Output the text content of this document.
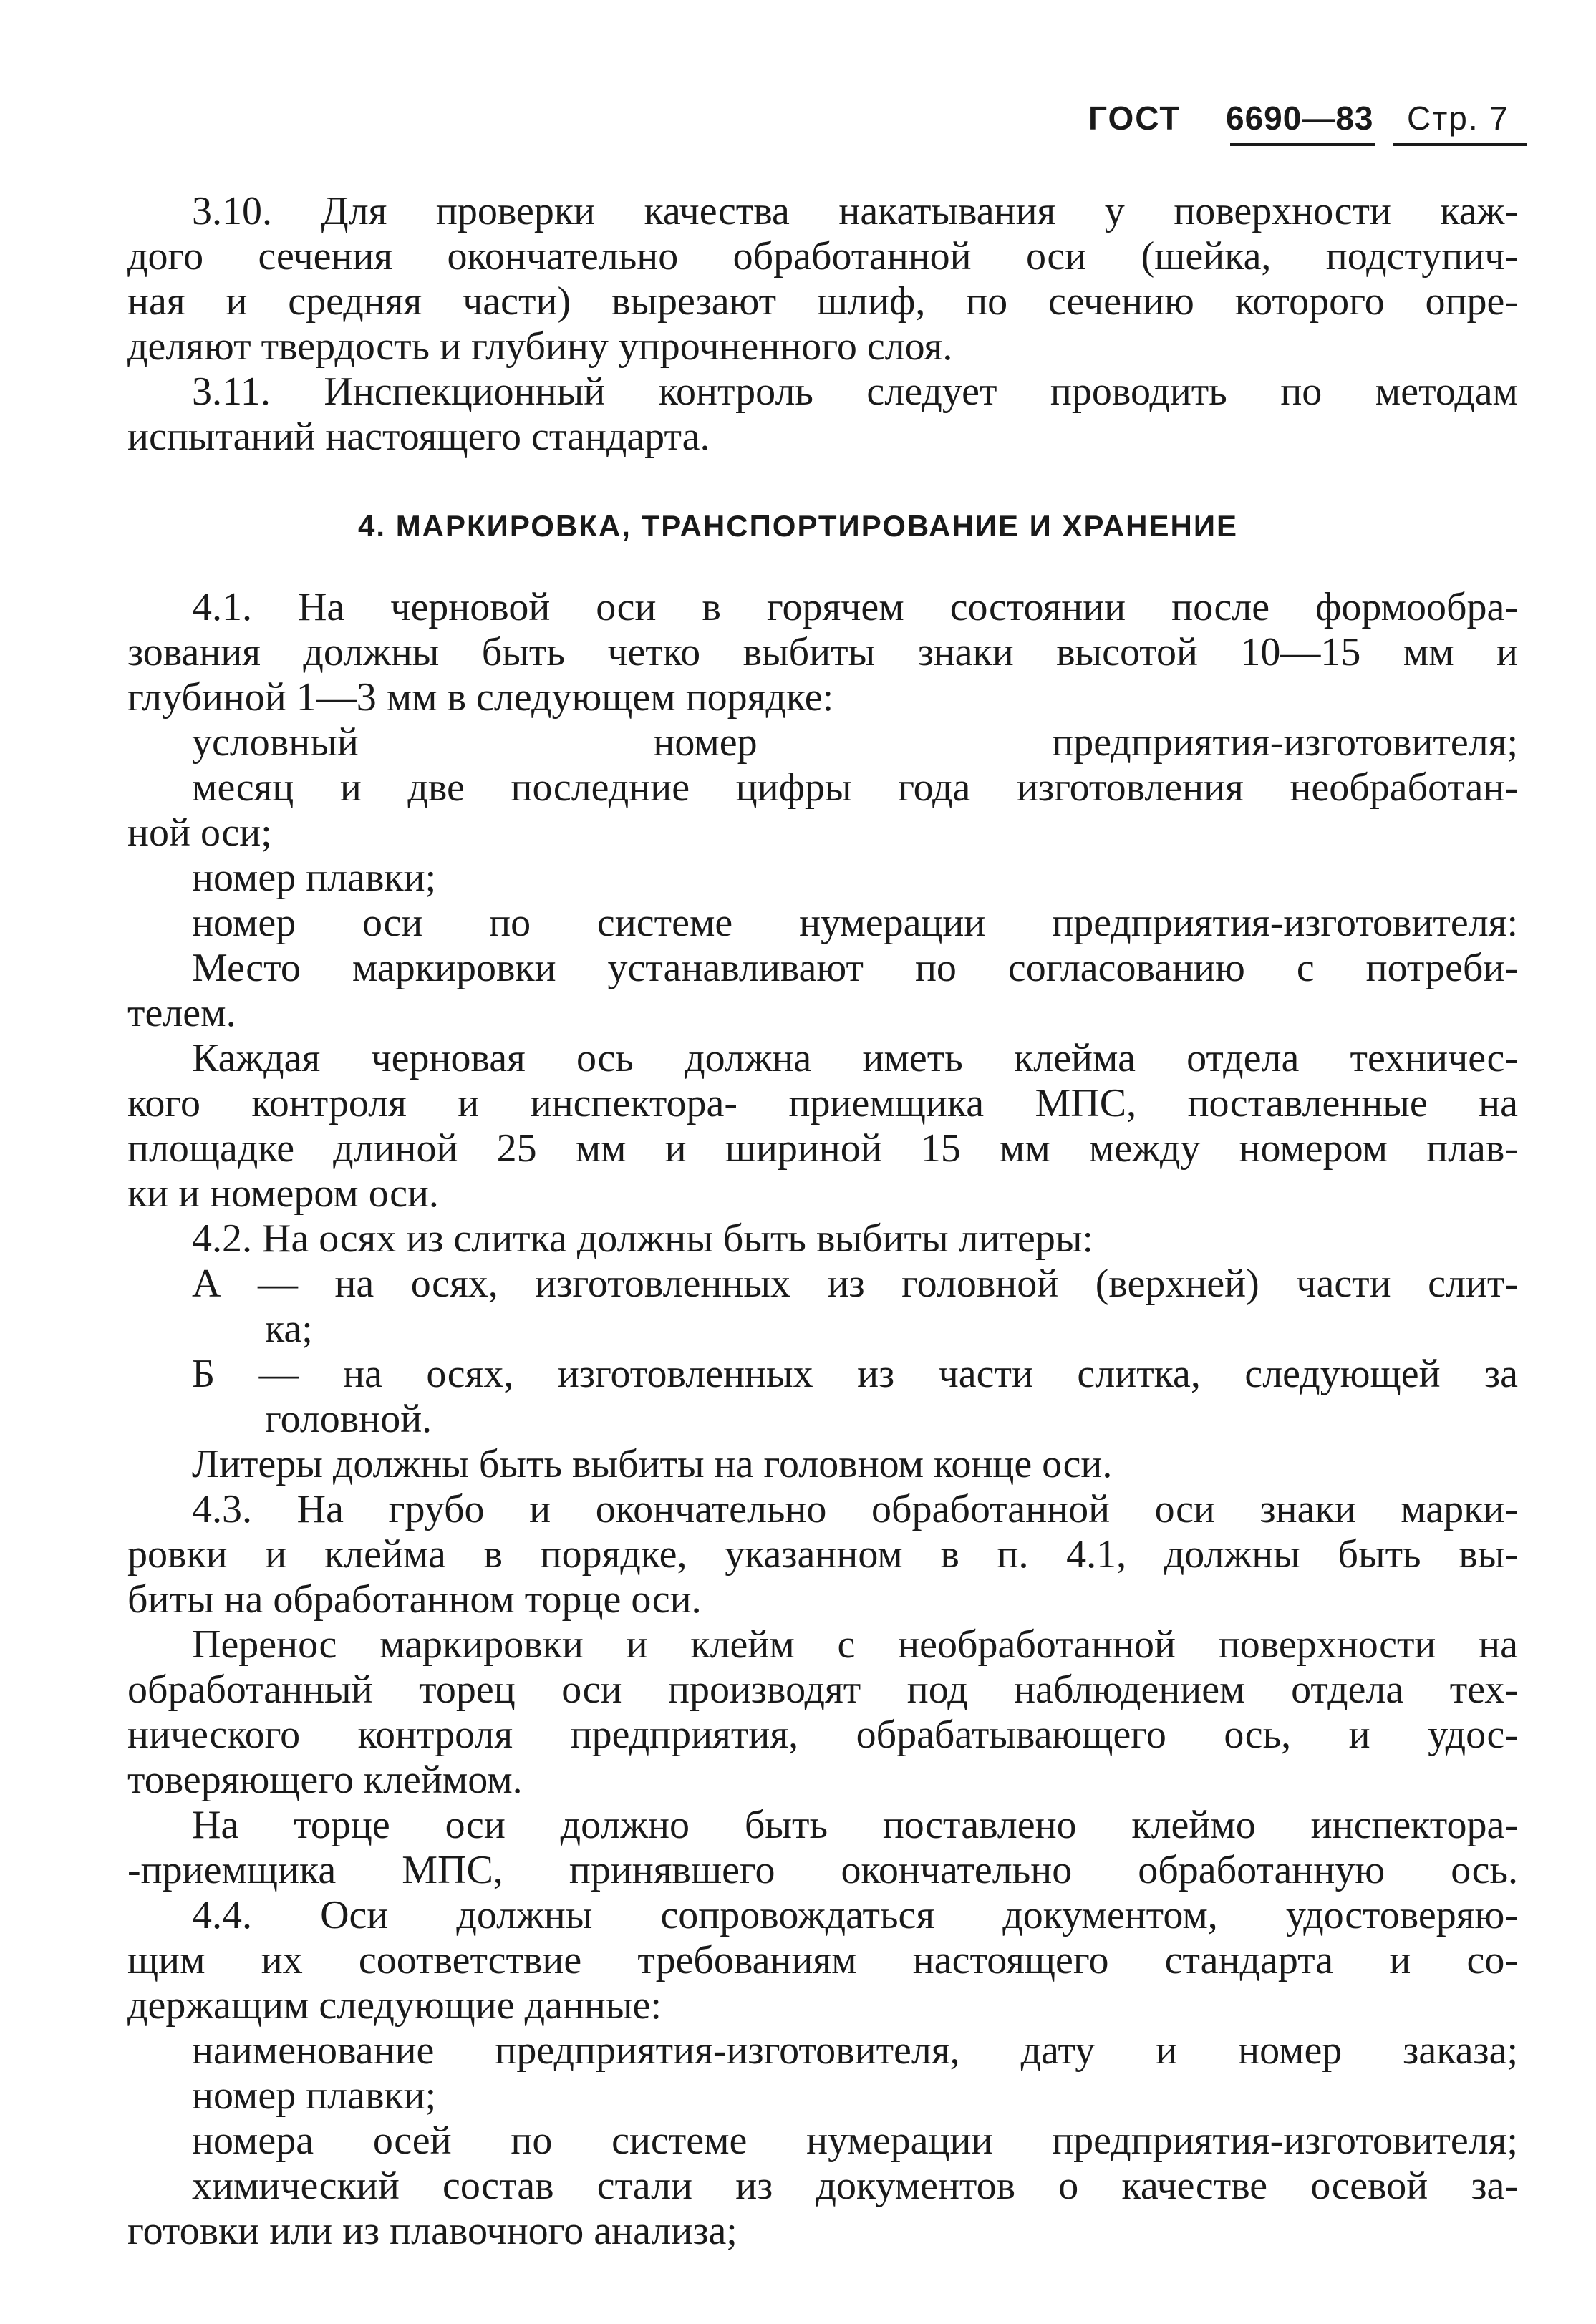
ГОСТ 6690—83 Стр. 7
3.10. Для проверки качества накатывания у поверхности каж-
дого сечения окончательно обработанной оси (шейка, подступич-
ная и средняя части) вырезают шлиф, по сечению которого опре-
деляют твердость и глубину упрочненного слоя.
3.11. Инспекционный контроль следует проводить по методам
испытаний настоящего стандарта.
4. МАРКИРОВКА, ТРАНСПОРТИРОВАНИЕ И ХРАНЕНИЕ
4.1. На черновой оси в горячем состоянии после формообра-
зования должны быть четко выбиты знаки высотой 10—15 мм и
глубиной 1—3 мм в следующем порядке:
условный номер предприятия-изготовителя;
месяц и две последние цифры года изготовления необработан-
ной оси;
номер плавки;
номер оси по системе нумерации предприятия-изготовителя:
Место маркировки устанавливают по согласованию с потреби-
телем.
Каждая черновая ось должна иметь клейма отдела техничес-
кого контроля и инспектора- приемщика МПС, поставленные на
площадке длиной 25 мм и шириной 15 мм между номером плав-
ки и номером оси.
4.2. На осях из слитка должны быть выбиты литеры:
А — на осях, изготовленных из головной (верхней) части слит-
ка;
Б — на осях, изготовленных из части слитка, следующей за
головной.
Литеры должны быть выбиты на головном конце оси.
4.3. На грубо и окончательно обработанной оси знаки марки-
ровки и клейма в порядке, указанном в п. 4.1, должны быть вы-
биты на обработанном торце оси.
Перенос маркировки и клейм с необработанной поверхности на
обработанный торец оси производят под наблюдением отдела тех-
нического контроля предприятия, обрабатывающего ось, и удос-
товеряющего клеймом.
На торце оси должно быть поставлено клеймо инспектора-
-приемщика МПС, принявшего окончательно обработанную ось.
4.4. Оси должны сопровождаться документом, удостоверяю-
щим их соответствие требованиям настоящего стандарта и со-
держащим следующие данные:
наименование предприятия-изготовителя, дату и номер заказа;
номер плавки;
номера осей по системе нумерации предприятия-изготовителя;
химический состав стали из документов о качестве осевой за-
готовки или из плавочного анализа;
